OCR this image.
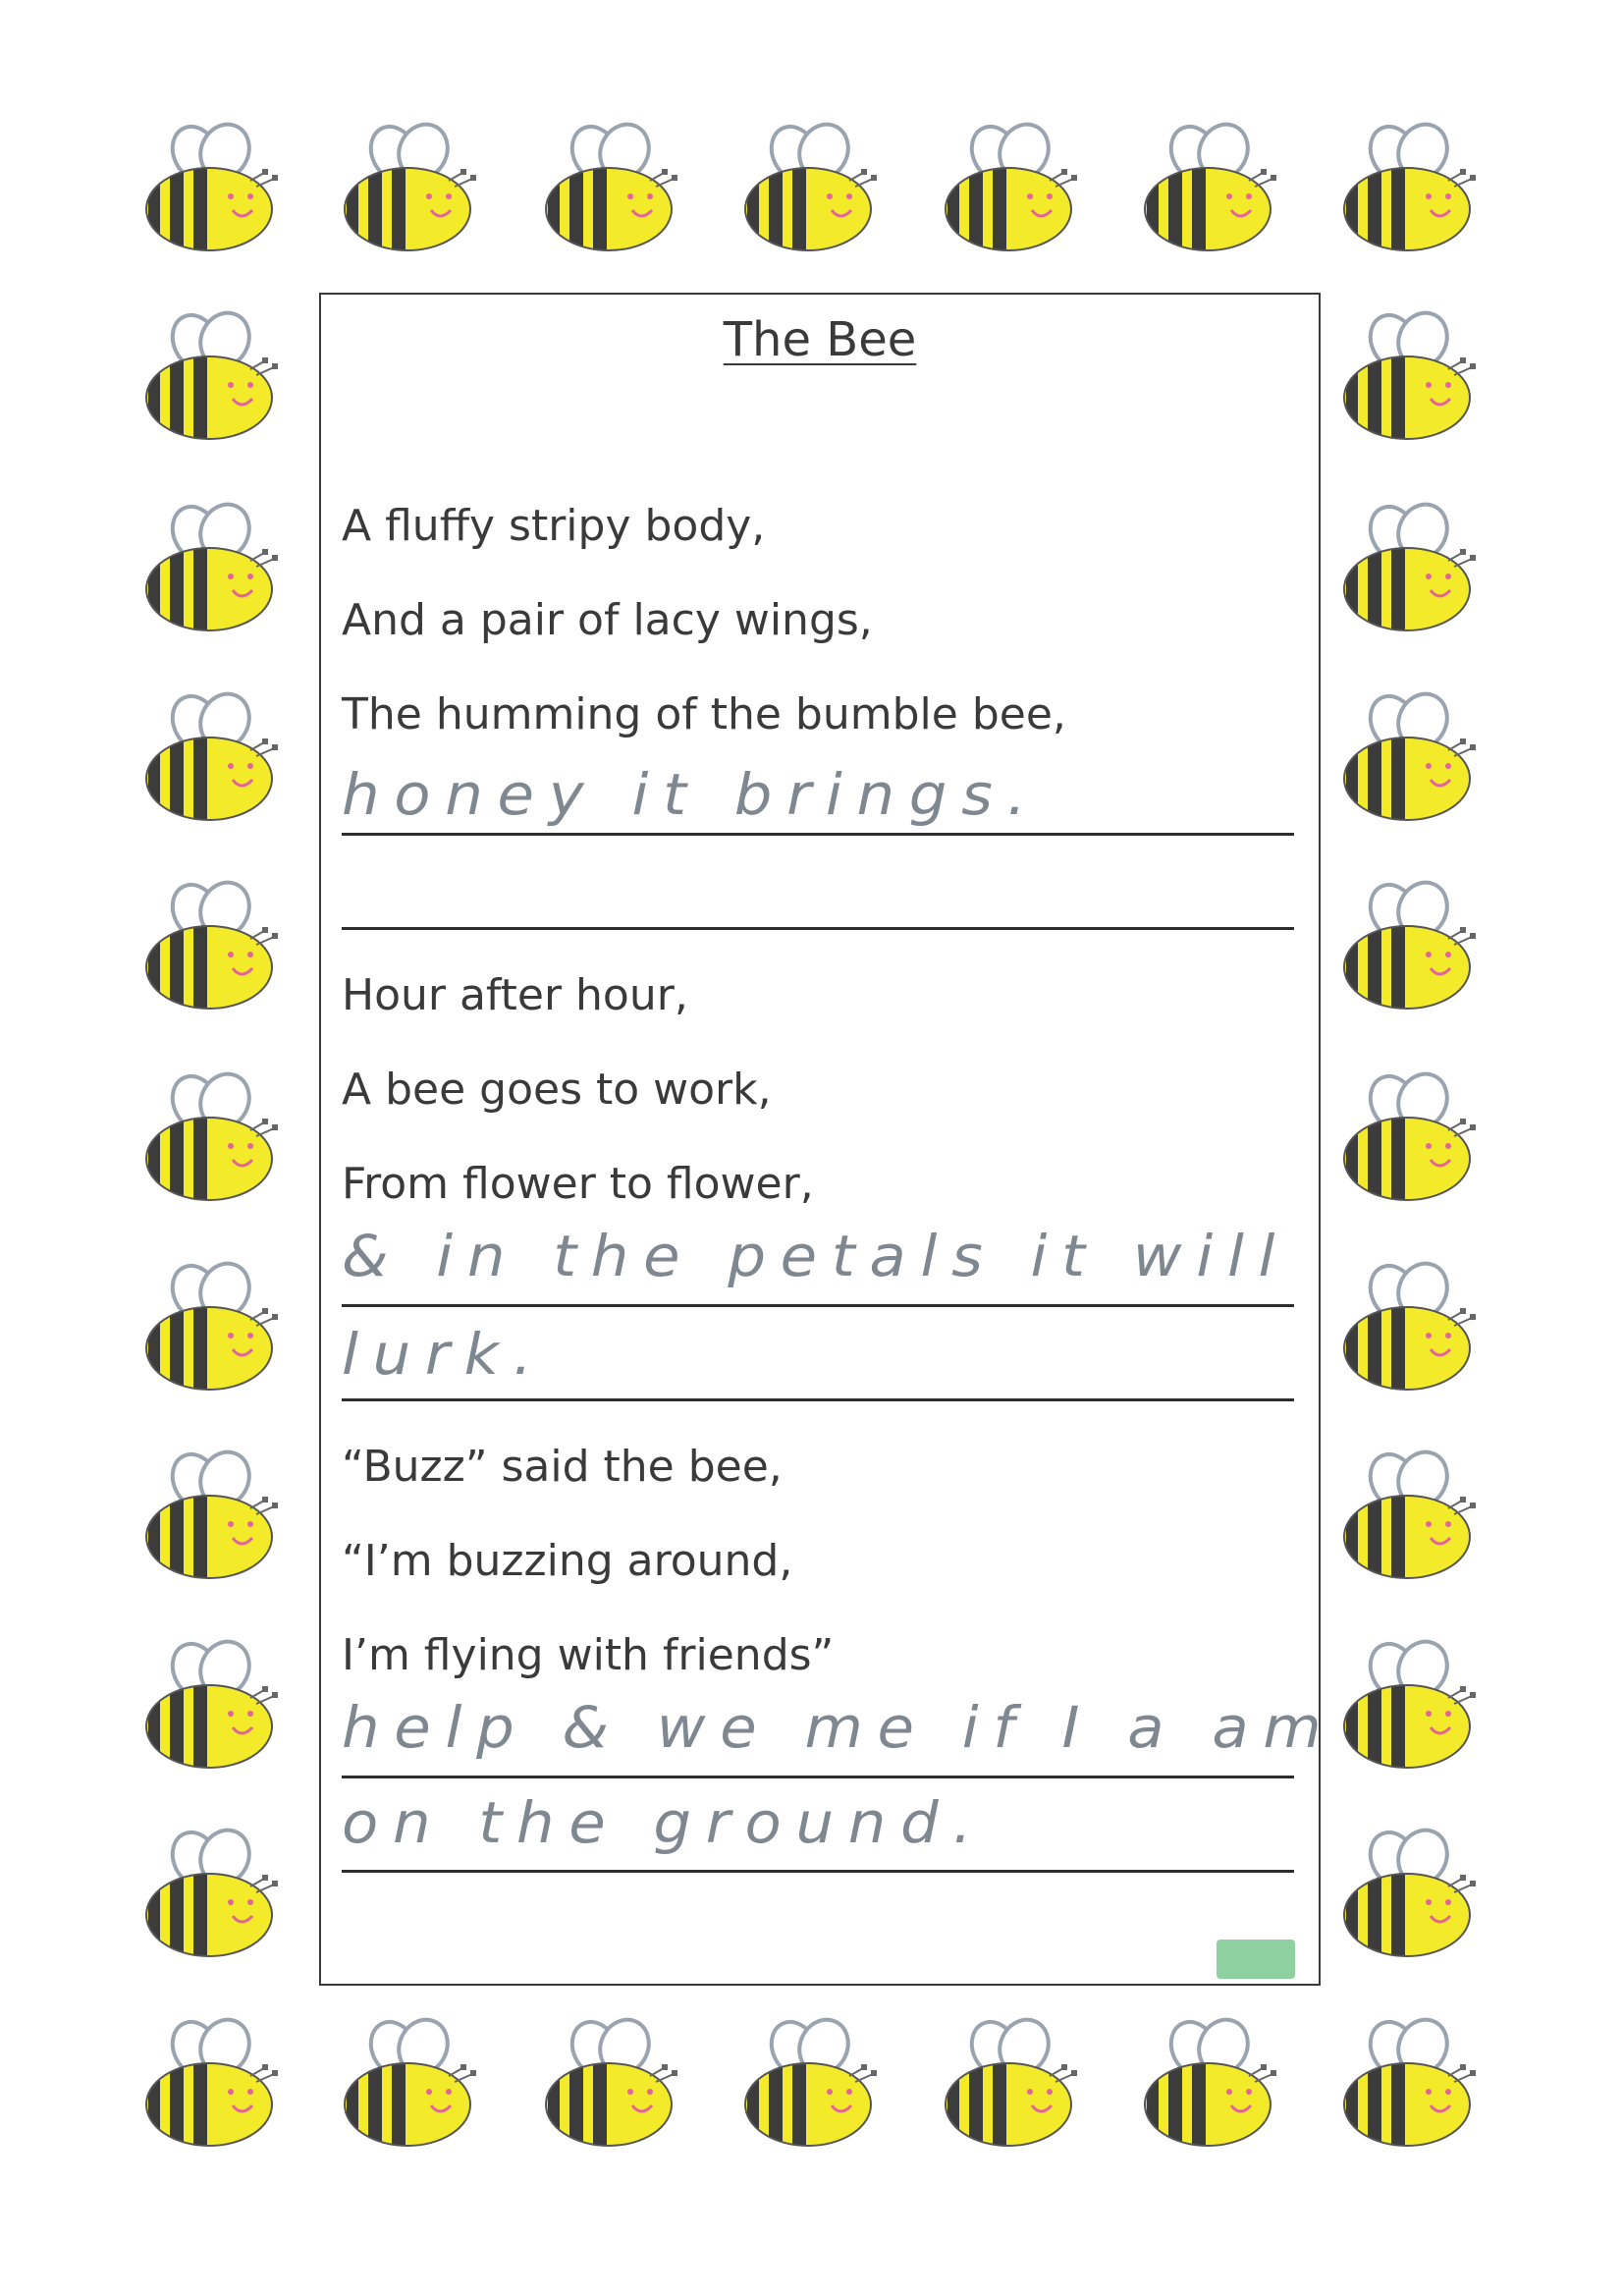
The Bee
A fluffy stripy body,
And a pair of lacy wings,
The humming of the bumble bee,
honey it brings.
Hour after hour,
A bee goes to work,
From flower to flower,
& in the petals it will
lurk.
“Buzz” said the bee,
“I’m buzzing around,
I’m flying with friends”
help & we me if I a am
on the ground.
